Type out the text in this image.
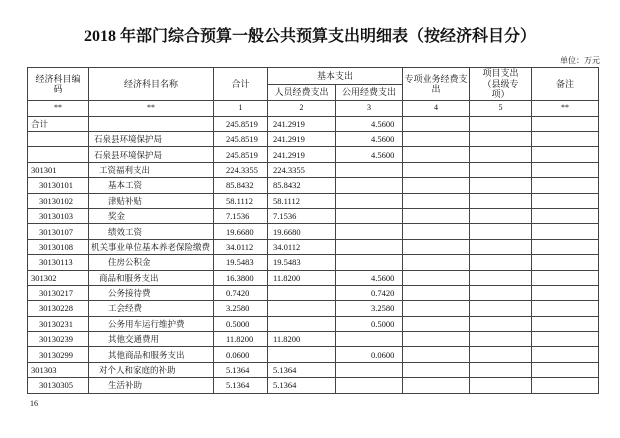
2018 年部门综合预算一般公共预算支出明细表（按经济科目分）
单位：万元
经济科目编码	经济科目名称	合计	基本支出		专项业务经费支出	项目支出（县级专项）	备注
			人员经费支出	公用经费支出			
**	**	1	2	3	4	5	**
合计		245.8519	241.2919	4.5600			
	石泉县环境保护局	245.8519	241.2919	4.5600			
	石泉县环境保护局	245.8519	241.2919	4.5600			
301301	工资福利支出	224.3355	224.3355				
30130101	基本工资	85.8432	85.8432				
30130102	津贴补贴	58.1112	58.1112				
30130103	奖金	7.1536	7.1536				
30130107	绩效工资	19.6680	19.6680				
30130108	机关事业单位基本养老保险缴费	34.0112	34.0112				
30130113	住房公积金	19.5483	19.5483				
301302	商品和服务支出	16.3800	11.8200	4.5600			
30130217	公务接待费	0.7420		0.7420			
30130228	工会经费	3.2580		3.2580			
30130231	公务用车运行维护费	0.5000		0.5000			
30130239	其他交通费用	11.8200	11.8200				
30130299	其他商品和服务支出	0.0600		0.0600			
301303	对个人和家庭的补助	5.1364	5.1364				
30130305	生活补助	5.1364	5.1364				
16
